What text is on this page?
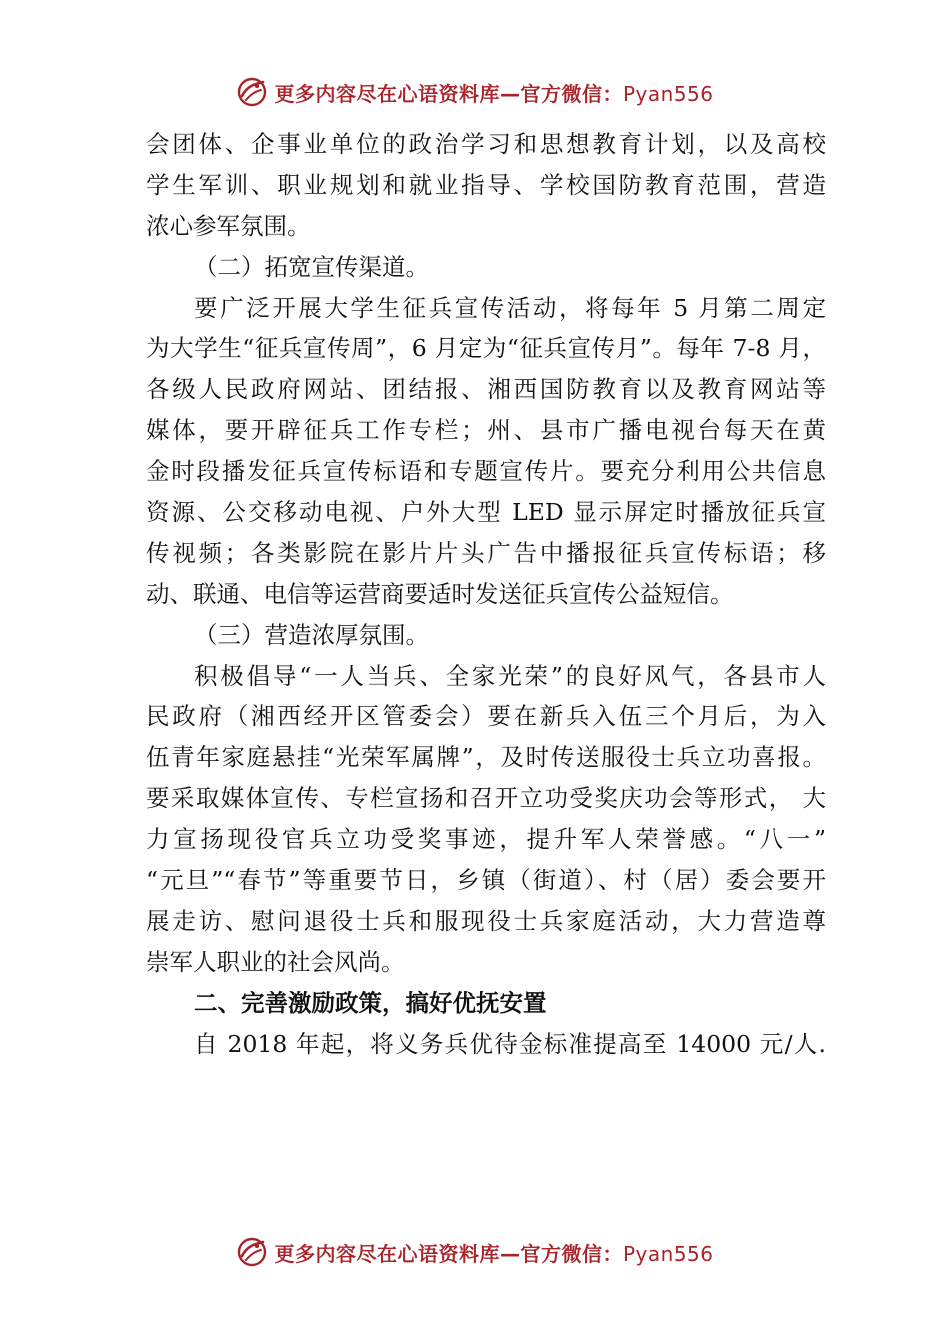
更多内容尽在心语资料库—官方微信：Pyan556
会团体、企事业单位的政治学习和思想教育计划，以及高校
学生军训、职业规划和就业指导、学校国防教育范围，营造
浓心参军氛围。
（二）拓宽宣传渠道。
要广泛开展大学生征兵宣传活动，将每年 5 月第二周定
为大学生“征兵宣传周”，6 月定为“征兵宣传月”。每年 7-8 月，
各级人民政府网站、团结报、湘西国防教育以及教育网站等
媒体，要开辟征兵工作专栏；州、县市广播电视台每天在黄
金时段播发征兵宣传标语和专题宣传片。要充分利用公共信息
资源、公交移动电视、户外大型 LED 显示屏定时播放征兵宣
传视频；各类影院在影片片头广告中播报征兵宣传标语；移
动、联通、电信等运营商要适时发送征兵宣传公益短信。
（三）营造浓厚氛围。
积极倡导“一人当兵、全家光荣”的良好风气，各县市人
民政府（湘西经开区管委会）要在新兵入伍三个月后，为入
伍青年家庭悬挂“光荣军属牌”，及时传送服役士兵立功喜报。
要采取媒体宣传、专栏宣扬和召开立功受奖庆功会等形式， 大
力宣扬现役官兵立功受奖事迹，提升军人荣誉感。“八一”
“元旦”“春节”等重要节日，乡镇（街道）、村（居）委会要开
展走访、慰问退役士兵和服现役士兵家庭活动，大力营造尊
崇军人职业的社会风尚。
二、完善激励政策，搞好优抚安置
自 2018 年起，将义务兵优待金标准提高至 14000 元/人.
更多内容尽在心语资料库—官方微信：Pyan556
